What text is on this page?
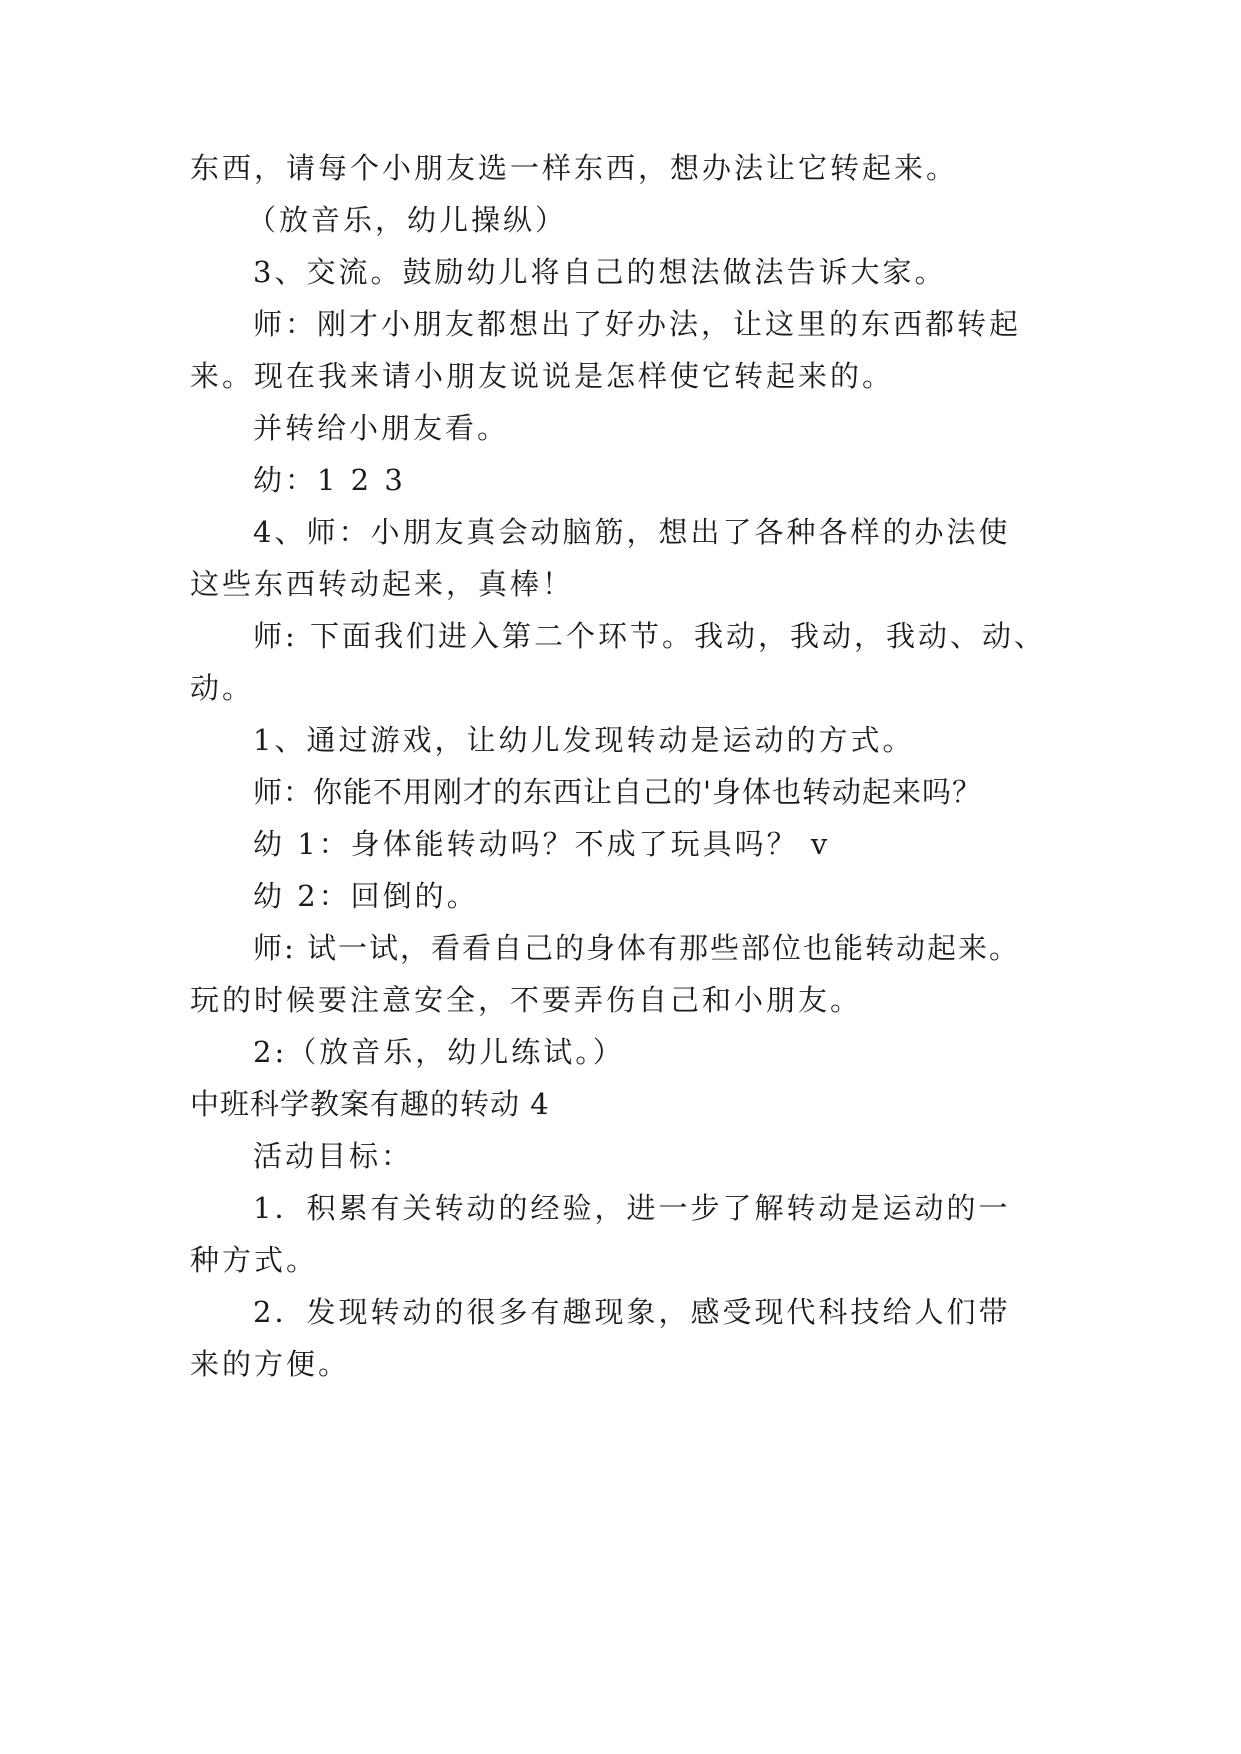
东西，请每个小朋友选一样东西，想办法让它转起来。
（放音乐，幼儿操纵）
3、交流。鼓励幼儿将自己的想法做法告诉大家。
师：刚才小朋友都想出了好办法，让这里的东西都转起
来。现在我来请小朋友说说是怎样使它转起来的。
并转给小朋友看。
幼：1 2 3
4、师：小朋友真会动脑筋，想出了各种各样的办法使
这些东西转动起来，真棒！
师: 下面我们进入第二个环节。我动，我动，我动、动、
动。
1、通过游戏，让幼儿发现转动是运动的方式。
师：你能不用刚才的东西让自己的'身体也转动起来吗？
幼 1：身体能转动吗？不成了玩具吗？ v
幼 2：回倒的。
师: 试一试，看看自己的身体有那些部位也能转动起来。
玩的时候要注意安全，不要弄伤自己和小朋友。
2:（放音乐，幼儿练试。）
中班科学教案有趣的转动 4
活动目标：
1．积累有关转动的经验，进一步了解转动是运动的一
种方式。
2．发现转动的很多有趣现象，感受现代科技给人们带
来的方便。
